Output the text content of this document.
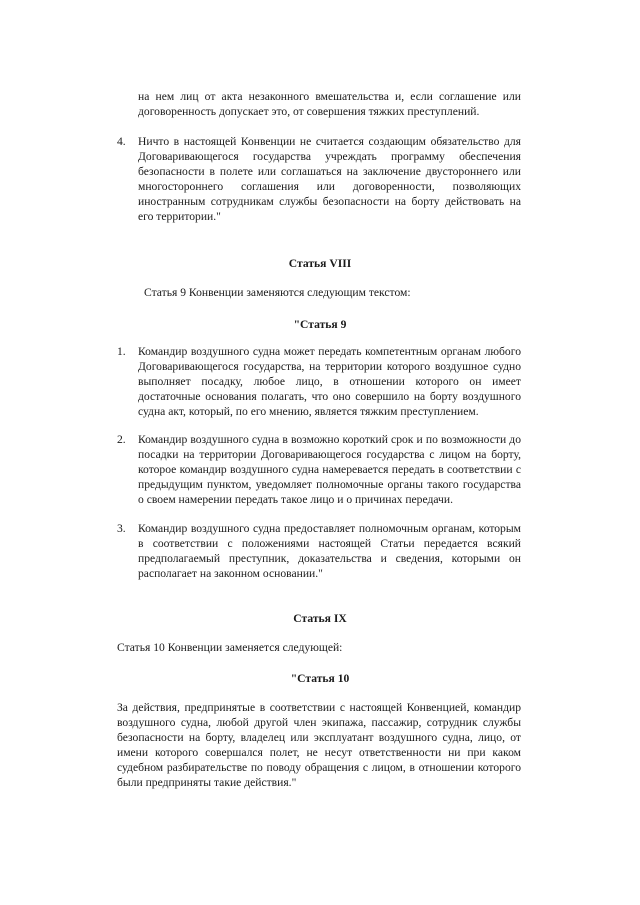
на нем лиц от акта незаконного вмешательства и, если соглашение или договоренность допускает это, от совершения тяжких преступлений.
4.	Ничто в настоящей Конвенции не считается создающим обязательство для Договаривающегося государства учреждать программу обеспечения безопасности в полете или соглашаться на заключение двустороннего или многостороннего соглашения или договоренности, позволяющих иностранным сотрудникам службы безопасности на борту действовать на его территории."
Статья VIII
Статья 9 Конвенции заменяются следующим текстом:
"Статья 9
1.	Командир воздушного судна может передать компетентным органам любого Договаривающегося государства, на территории которого воздушное судно выполняет посадку, любое лицо, в отношении которого он имеет достаточные основания полагать, что оно совершило на борту воздушного судна акт, который, по его мнению, является тяжким преступлением.
2.	Командир воздушного судна в возможно короткий срок и по возможности до посадки на территории Договаривающегося государства с лицом на борту, которое командир воздушного судна намеревается передать в соответствии с предыдущим пунктом, уведомляет полномочные органы такого государства о своем намерении передать такое лицо и о причинах передачи.
3.	Командир воздушного судна предоставляет полномочным органам, которым в соответствии с положениями настоящей Статьи передается всякий предполагаемый преступник, доказательства и сведения, которыми он располагает на законном основании."
Статья IX
Статья 10 Конвенции заменяется следующей:
"Статья 10
За действия, предпринятые в соответствии с настоящей Конвенцией, командир воздушного судна, любой другой член экипажа, пассажир, сотрудник службы безопасности на борту, владелец или эксплуатант воздушного судна, лицо, от имени которого совершался полет, не несут ответственности ни при каком судебном разбирательстве по поводу обращения с лицом, в отношении которого были предприняты такие действия."
